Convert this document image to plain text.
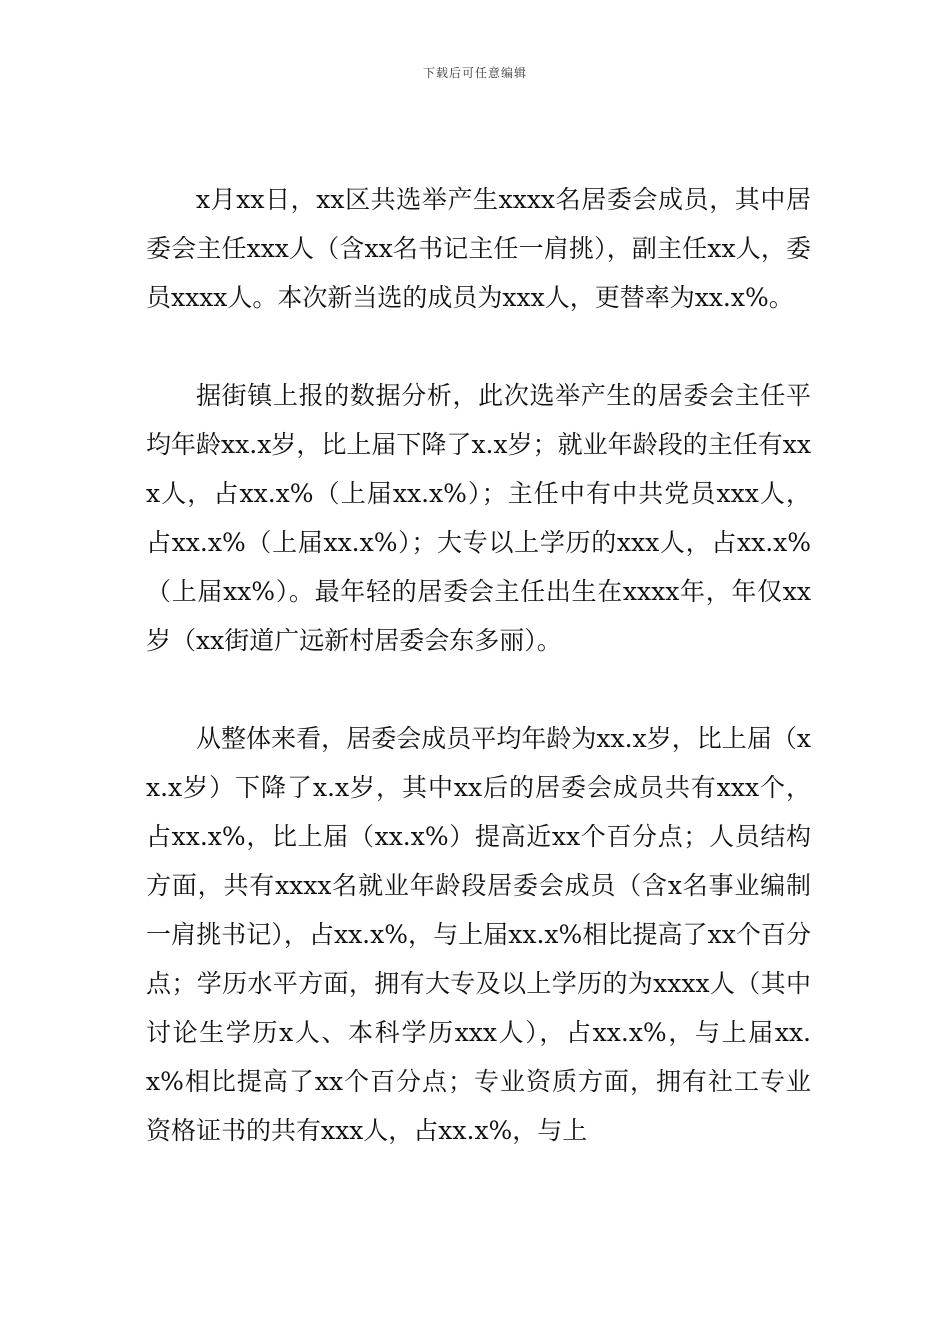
下载后可任意编辑

x月xx日，xx区共选举产生xxxx名居委会成员，其中居委会主任xxx人（含xx名书记主任一肩挑），副主任xx人，委员xxxx人。本次新当选的成员为xxx人，更替率为xx.x%。

据街镇上报的数据分析，此次选举产生的居委会主任平均年龄xx.x岁，比上届下降了x.x岁；就业年龄段的主任有xxx人，占xx.x%（上届xx.x%）；主任中有中共党员xxx人，占xx.x%（上届xx.x%）；大专以上学历的xxx人，占xx.x%（上届xx%）。最年轻的居委会主任出生在xxxx年，年仅xx岁（xx街道广远新村居委会东多丽）。

从整体来看，居委会成员平均年龄为xx.x岁，比上届（xx.x岁）下降了x.x岁，其中xx后的居委会成员共有xxx个，占xx.x%，比上届（xx.x%）提高近xx个百分点；人员结构方面，共有xxxx名就业年龄段居委会成员（含x名事业编制一肩挑书记），占xx.x%，与上届xx.x%相比提高了xx个百分点；学历水平方面，拥有大专及以上学历的为xxxx人（其中讨论生学历x人、本科学历xxx人），占xx.x%，与上届xx.x%相比提高了xx个百分点；专业资质方面，拥有社工专业资格证书的共有xxx人，占xx.x%，与上
